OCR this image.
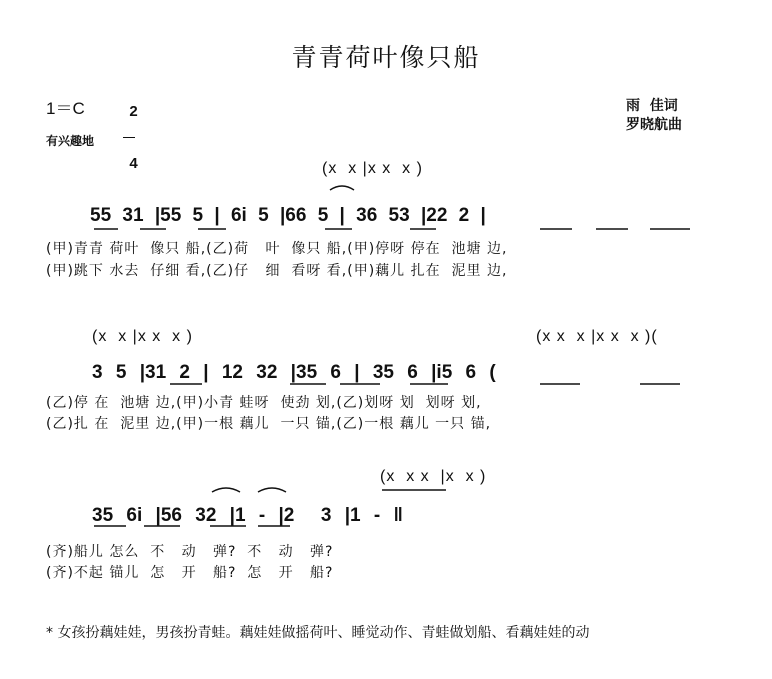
青青荷叶像只船
1＝C	2

4

有兴趣地
雨  佳词
罗晓航曲
(x  x |x x  x )
55 31 |55 5 | 6i 5 |66 5 | 36 53 |22 2 |
(甲)青青 荷叶  像只 船,(乙)荷   叶  像只 船,(甲)停呀 停在  池塘 边,
(甲)跳下 水去  仔细 看,(乙)仔   细  看呀 看,(甲)藕儿 扎在  泥里 边,
(x  x |x x  x )	(x x  x |x x  x )(
3 5 |31 2 | 12 32 |35 6 | 35 6 |i5 6 (
(乙)停 在  池塘 边,(甲)小青 蛙呀  使劲 划,(乙)划呀 划  划呀 划,
(乙)扎 在  泥里 边,(甲)一根 藕儿  一只 锚,(乙)一根 藕儿 一只 锚,
(x  x x  |x  x )
35 6i |56 32 |1 - |2  3 |1 - ‖
(齐)船儿 怎么  不   动   弹?  不   动   弹?
(齐)不起 锚儿  怎   开   船?  怎   开   船?
* 女孩扮藕娃娃，男孩扮青蛙。藕娃娃做摇荷叶、睡觉动作、青蛙做划船、看藕娃娃的动
